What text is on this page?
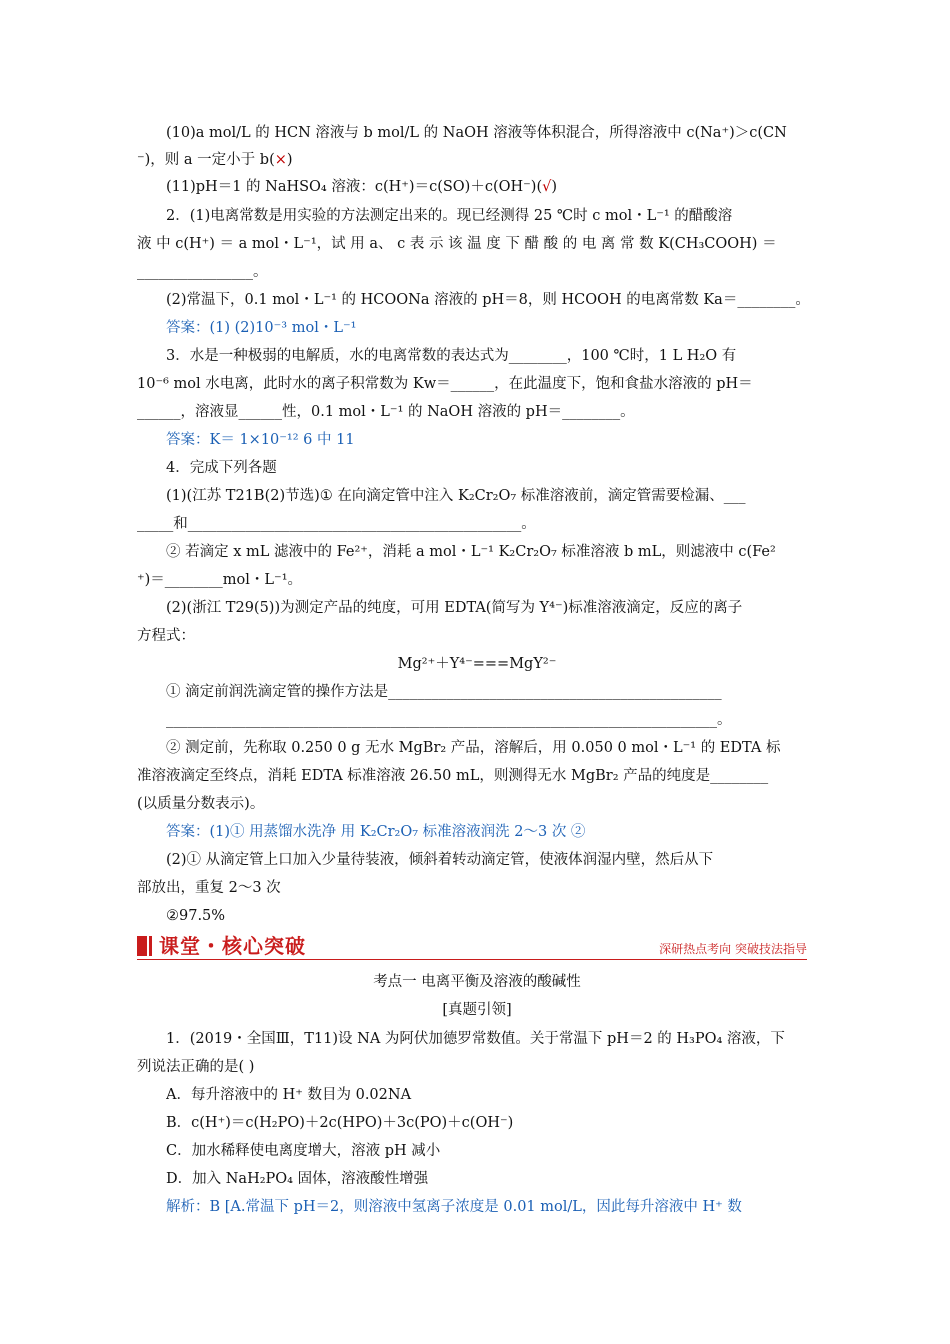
(10)a mol/L 的 HCN 溶液与 b mol/L 的 NaOH 溶液等体积混合，所得溶液中 c(Na⁺)＞c(CN
⁻)，则 a 一定小于 b(×)
(11)pH＝1 的 NaHSO₄ 溶液：c(H⁺)＝c(SO)＋c(OH⁻)(√)
2．(1)电离常数是用实验的方法测定出来的。现已经测得 25 ℃时 c mol・L⁻¹ 的醋酸溶
液 中 c(H⁺) ＝ a mol・L⁻¹，试 用 a、 c 表 示 该 温 度 下 醋 酸 的 电 离 常 数 K(CH₃COOH) ＝
________________。
(2)常温下，0.1 mol・L⁻¹ 的 HCOONa 溶液的 pH＝8，则 HCOOH 的电离常数 Ka＝________。
答案：(1) (2)10⁻³ mol・L⁻¹
3．水是一种极弱的电解质，水的电离常数的表达式为________，100 ℃时，1 L H₂O 有
10⁻⁶ mol 水电离，此时水的离子积常数为 Kw＝______，在此温度下，饱和食盐水溶液的 pH＝
______，溶液显______性，0.1 mol・L⁻¹ 的 NaOH 溶液的 pH＝________。
答案：K＝ 1×10⁻¹² 6 中 11
4．完成下列各题
(1)(江苏 T21B(2)节选)① 在向滴定管中注入 K₂Cr₂O₇ 标准溶液前，滴定管需要检漏、___
_____和______________________________________________。
② 若滴定 x mL 滤液中的 Fe²⁺，消耗 a mol・L⁻¹ K₂Cr₂O₇ 标准溶液 b mL，则滤液中 c(Fe²
⁺)＝________mol・L⁻¹。
(2)(浙江 T29(5))为测定产品的纯度，可用 EDTA(简写为 Y⁴⁻)标准溶液滴定，反应的离子
方程式：
Mg²⁺＋Y⁴⁻===MgY²⁻
① 滴定前润洗滴定管的操作方法是______________________________________________
____________________________________________________________________________。
② 测定前，先称取 0.250 0 g 无水 MgBr₂ 产品，溶解后，用 0.050 0 mol・L⁻¹ 的 EDTA 标
准溶液滴定至终点，消耗 EDTA 标准溶液 26.50 mL，则测得无水 MgBr₂ 产品的纯度是________
(以质量分数表示)。
答案：(1)① 用蒸馏水洗净 用 K₂Cr₂O₇ 标准溶液润洗 2～3 次 ②
(2)① 从滴定管上口加入少量待装液，倾斜着转动滴定管，使液体润湿内壁，然后从下
部放出，重复 2～3 次
②97.5%
课堂・核心突破	深研热点考向 突破技法指导
考点一 电离平衡及溶液的酸碱性
[真题引领]
1．(2019・全国Ⅲ，T11)设 NA 为阿伏加德罗常数值。关于常温下 pH＝2 的 H₃PO₄ 溶液，下
列说法正确的是( )
A．每升溶液中的 H⁺ 数目为 0.02NA
B．c(H⁺)＝c(H₂PO)＋2c(HPO)＋3c(PO)＋c(OH⁻)
C．加水稀释使电离度增大，溶液 pH 减小
D．加入 NaH₂PO₄ 固体，溶液酸性增强
解析：B [A.常温下 pH＝2，则溶液中氢离子浓度是 0.01 mol/L，因此每升溶液中 H⁺ 数
